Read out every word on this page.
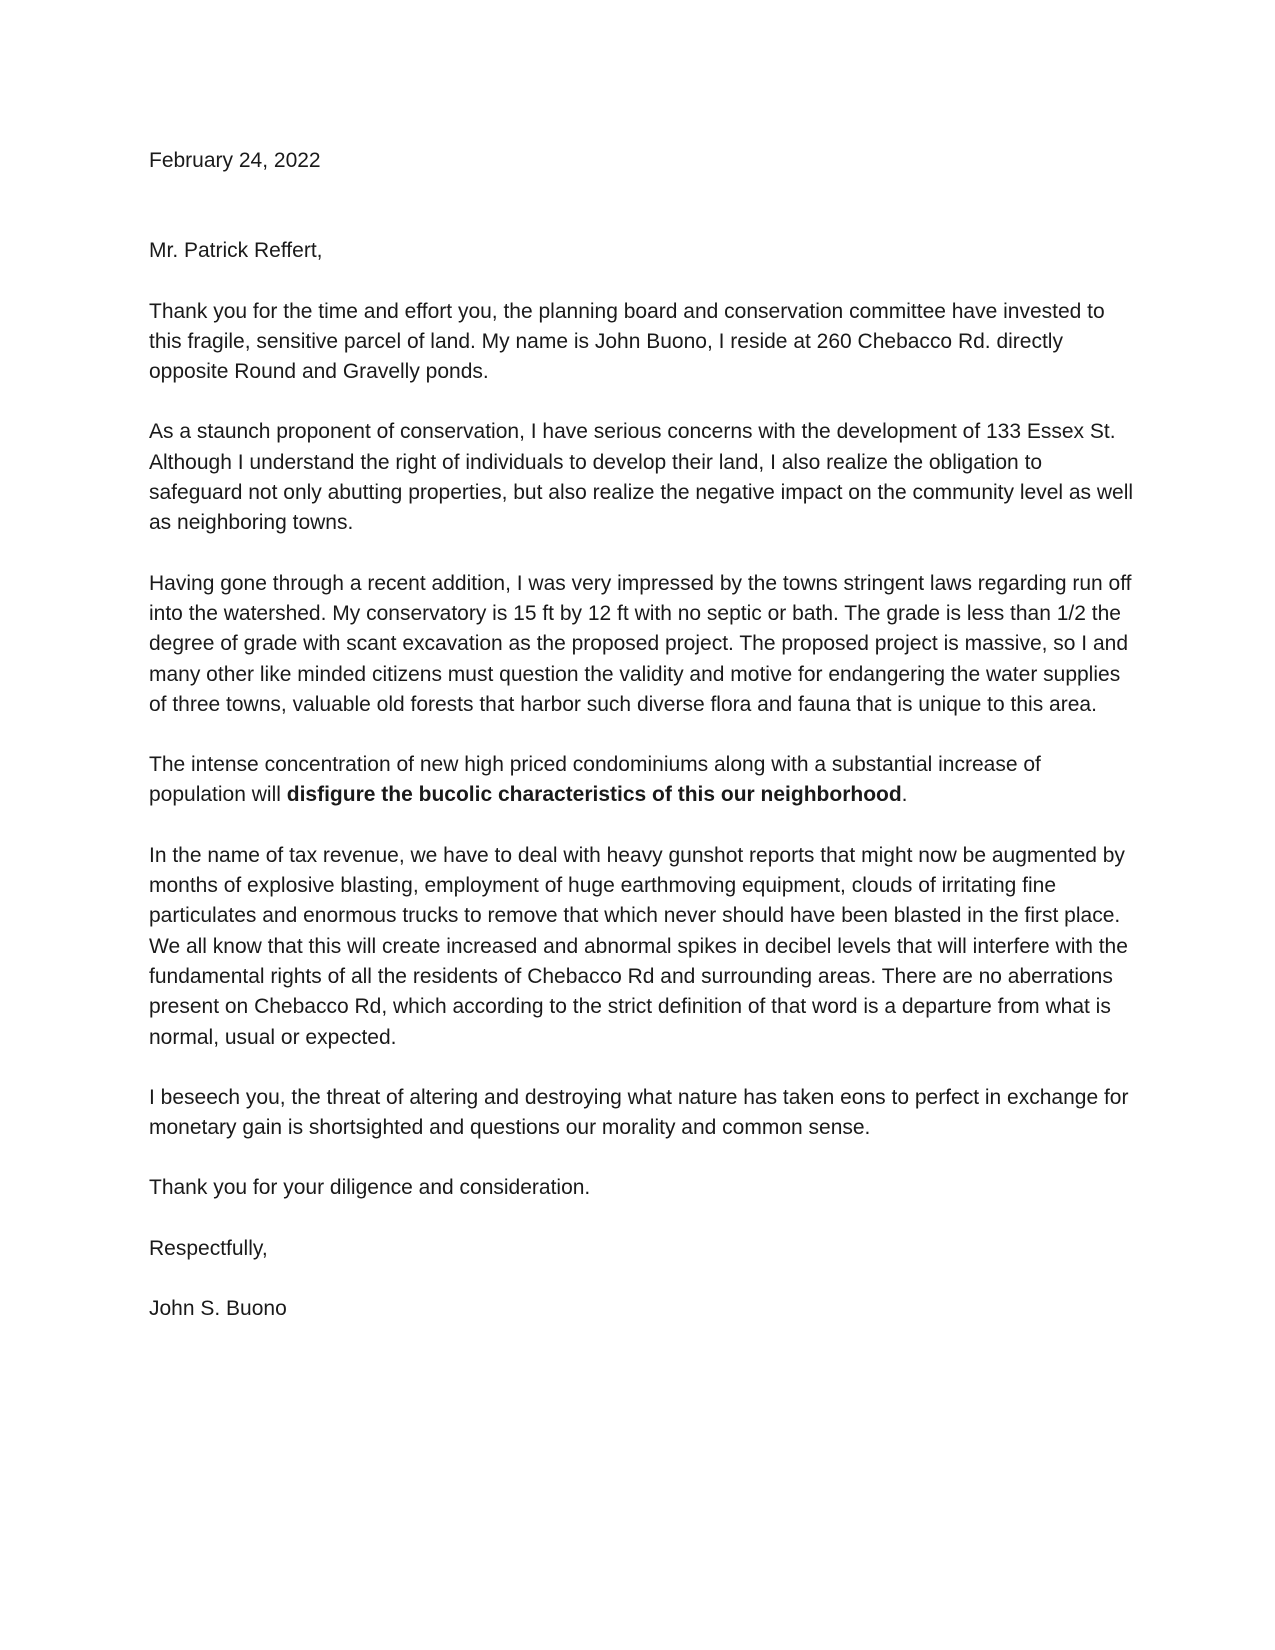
February 24, 2022

Mr. Patrick Reffert,

Thank you for the time and effort you, the planning board and conservation committee have invested to this fragile, sensitive parcel of land. My name is John Buono, I reside at 260 Chebacco Rd. directly opposite Round and Gravelly ponds.

As a staunch proponent of conservation, I have serious concerns with the development of 133 Essex St. Although I understand the right of individuals to develop their land, I also realize the obligation to safeguard not only abutting properties, but also realize the negative impact on the community level as well as neighboring towns.

Having gone through a recent addition, I was very impressed by the towns stringent laws regarding run off into the watershed. My conservatory is 15 ft by 12 ft with no septic or bath. The grade is less than 1/2 the degree of grade with scant excavation as the proposed project. The proposed project is massive, so I and many other like minded citizens must question the validity and motive for endangering the water supplies of three towns, valuable old forests that harbor such diverse flora and fauna that is unique to this area.

The intense concentration of new high priced condominiums along with a substantial increase of population will disfigure the bucolic characteristics of this our neighborhood.

In the name of tax revenue, we have to deal with heavy gunshot reports that might now be augmented by months of explosive blasting, employment of huge earthmoving equipment, clouds of irritating fine particulates and enormous trucks to remove that which never should have been blasted in the first place. We all know that this will create increased and abnormal spikes in decibel levels that will interfere with the fundamental rights of all the residents of Chebacco Rd and surrounding areas. There are no aberrations present on Chebacco Rd, which according to the strict definition of that word is a departure from what is normal, usual or expected.

I beseech you, the threat of altering and destroying what nature has taken eons to perfect in exchange for monetary gain is shortsighted and questions our morality and common sense.

Thank you for your diligence and consideration.

Respectfully,

John S. Buono
